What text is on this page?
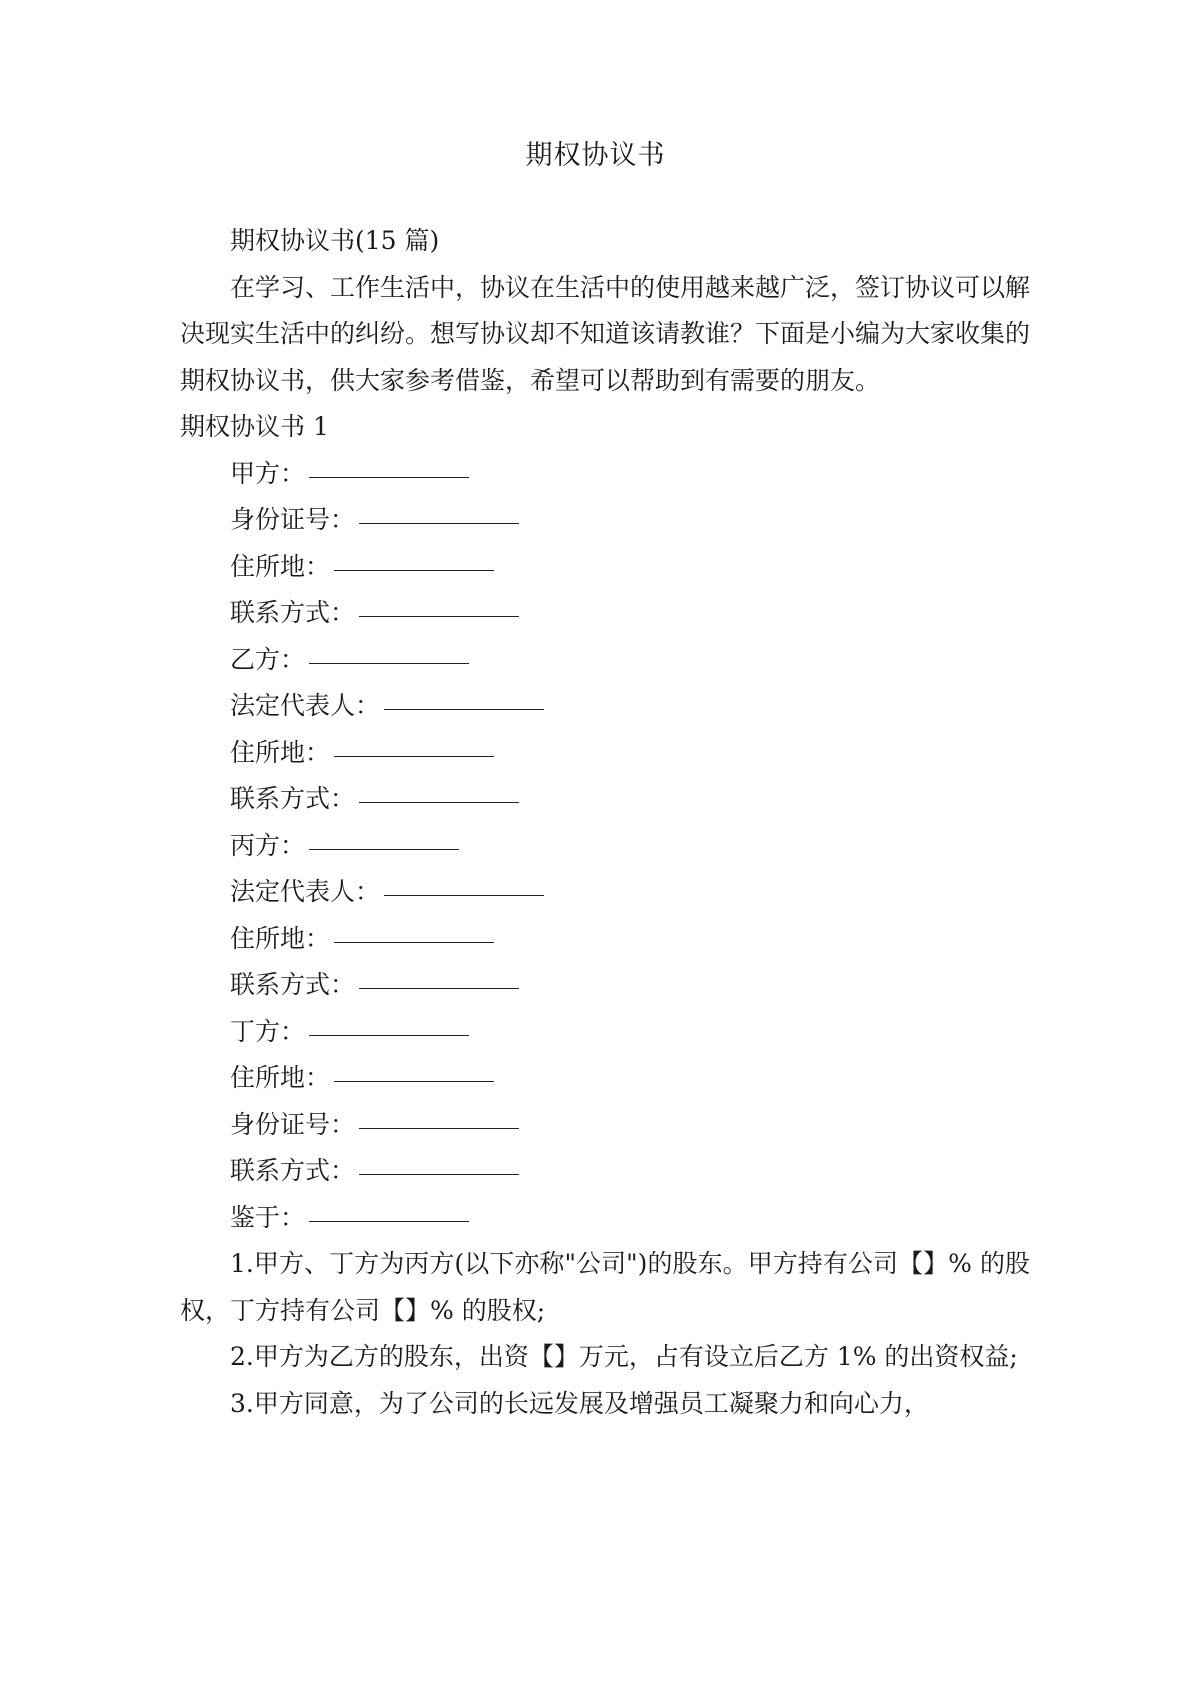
期权协议书

期权协议书(15 篇)

在学习、工作生活中，协议在生活中的使用越来越广泛，签订协议可以解决现实生活中的纠纷。想写协议却不知道该请教谁？下面是小编为大家收集的期权协议书，供大家参考借鉴，希望可以帮助到有需要的朋友。

期权协议书 1

甲方：
身份证号：
住所地：
联系方式：
乙方：
法定代表人：
住所地：
联系方式：
丙方：
法定代表人：
住所地：
联系方式：
丁方：
住所地：
身份证号：
联系方式：
鉴于：

1.甲方、丁方为丙方(以下亦称"公司")的股东。甲方持有公司【】% 的股权，丁方持有公司【】% 的股权;

2.甲方为乙方的股东，出资【】万元，占有设立后乙方 1% 的出资权益;

3.甲方同意，为了公司的长远发展及增强员工凝聚力和向心力，
